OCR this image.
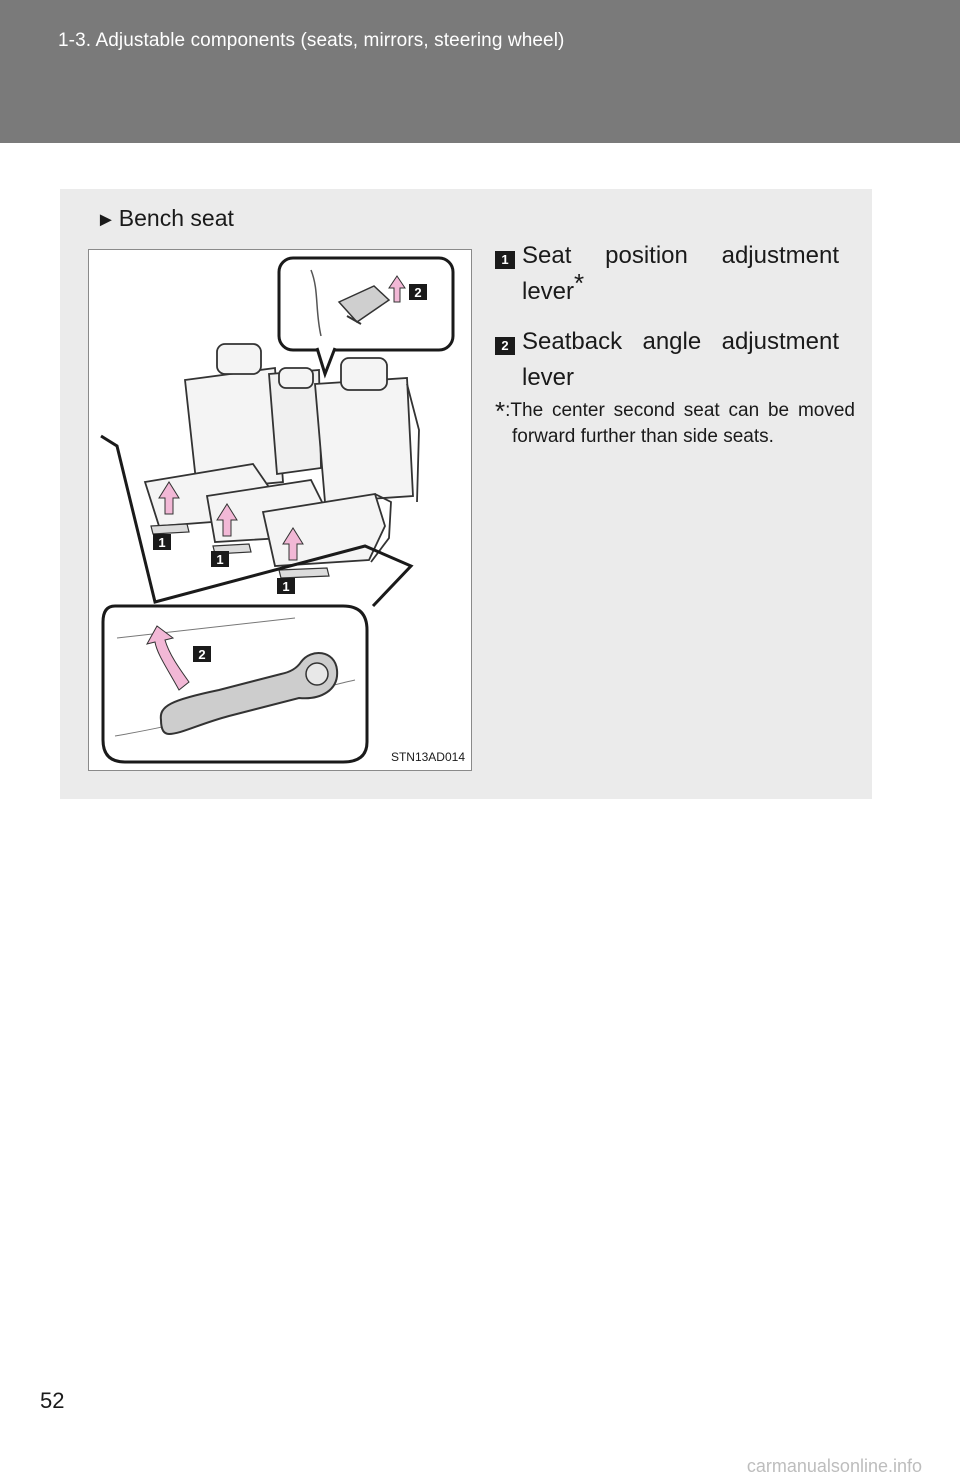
1-3. Adjustable components (seats, mirrors, steering wheel)
► Bench seat
2
1
1
1
2
STN13AD014
1 Seat position adjustment lever*
2 Seatback angle adjustment lever
*:The center second seat can be moved forward further than side seats.
52
carmanualsonline.info
